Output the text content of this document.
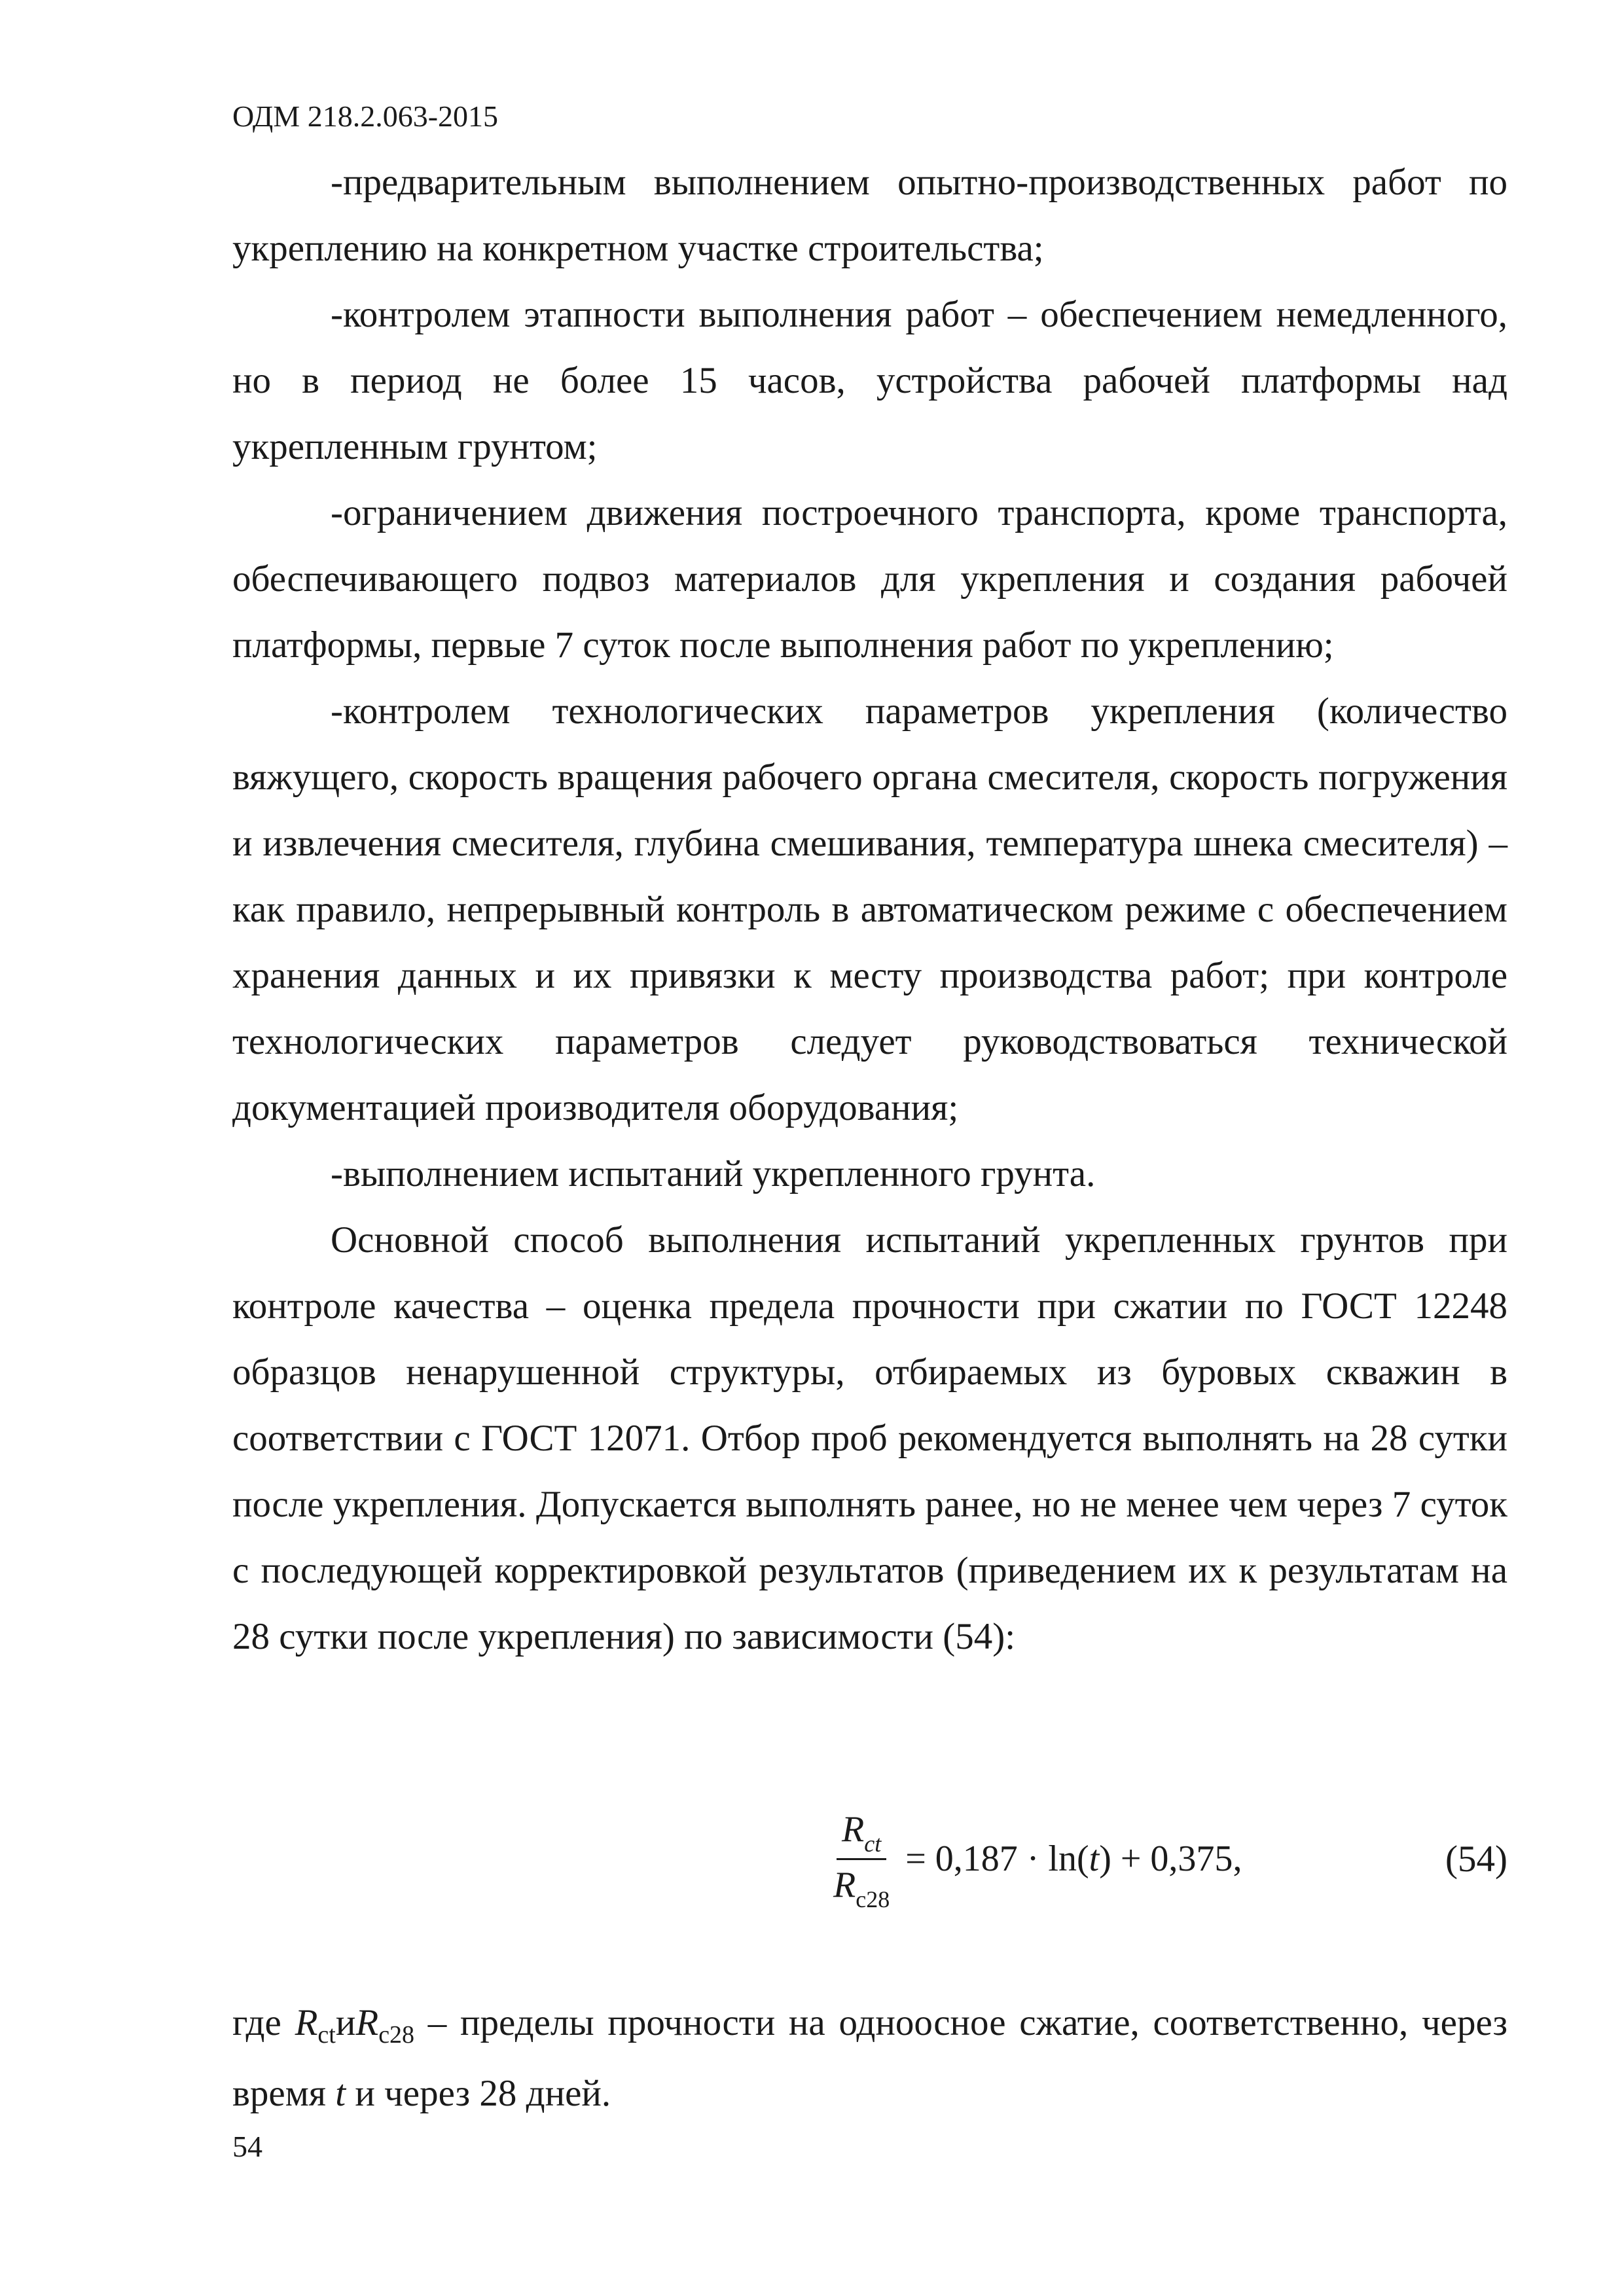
ОДМ 218.2.063-2015

-предварительным выполнением опытно-производственных работ по укреплению на конкретном участке строительства;

-контролем этапности выполнения работ – обеспечением немедленного, но в период не более 15 часов, устройства рабочей платформы над укрепленным грунтом;

-ограничением движения построечного транспорта, кроме транспорта, обеспечивающего подвоз материалов для укрепления и создания рабочей платформы, первые 7 суток после выполнения работ по укреплению;

-контролем технологических параметров укрепления (количество вяжущего, скорость вращения рабочего органа смесителя, скорость погружения и извлечения смесителя, глубина смешивания, температура шнека смесителя) – как правило, непрерывный контроль в автоматическом режиме с обеспечением хранения данных и их привязки к месту производства работ; при контроле технологических параметров следует руководствоваться технической документацией производителя оборудования;

-выполнением испытаний укрепленного грунта.

Основной способ выполнения испытаний укрепленных грунтов при контроле качества – оценка предела прочности при сжатии по ГОСТ 12248 образцов ненарушенной структуры, отбираемых из буровых скважин в соответствии с ГОСТ 12071. Отбор проб рекомендуется выполнять на 28 сутки после укрепления. Допускается выполнять ранее, но не менее чем через 7 суток с последующей корректировкой результатов (приведением их к результатам на 28 сутки после укрепления) по зависимости (54):

$\frac{R_{ct}}{R_{c28}} = 0,187 \cdot \ln$( t ) + 0,375 ,	(54)

где $R_{ct}иR_{c28}$ – пределы прочности на одноосное сжатие, соответственно, через время t и через 28 дней.

54
